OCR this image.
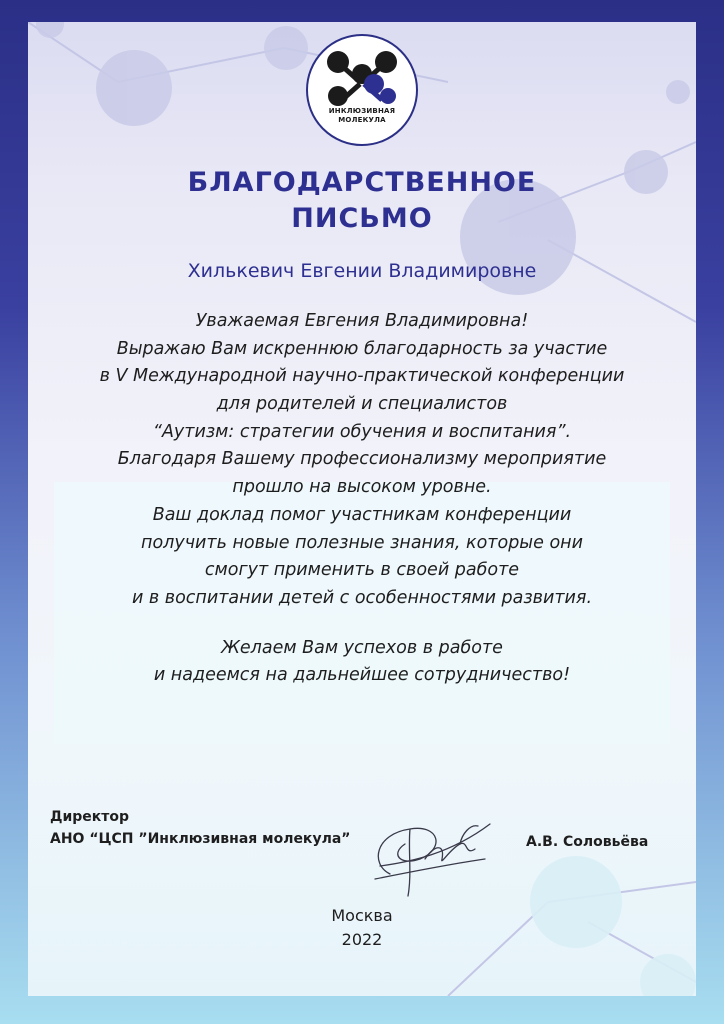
ИНКЛЮЗИВНАЯ
МОЛЕКУЛА
БЛАГОДАРСТВЕННОЕ
ПИСЬМО
Хилькевич Евгении Владимировне
Уважаемая Евгения Владимировна!
Выражаю Вам искреннюю благодарность за участие
в V Международной научно-практической конференции
для родителей и специалистов
“Аутизм: стратегии обучения и воспитания”.
Благодаря Вашему профессионализму мероприятие
прошло на высоком уровне.
Ваш доклад помог участникам конференции
получить новые полезные знания, которые они
смогут применить в своей работе
и в воспитании детей с особенностями развития.
Желаем Вам успехов в работе
и надеемся на дальнейшее сотрудничество!
Директор
АНО “ЦСП ”Инклюзивная молекула”	А.В. Соловьёва
Москва
2022
